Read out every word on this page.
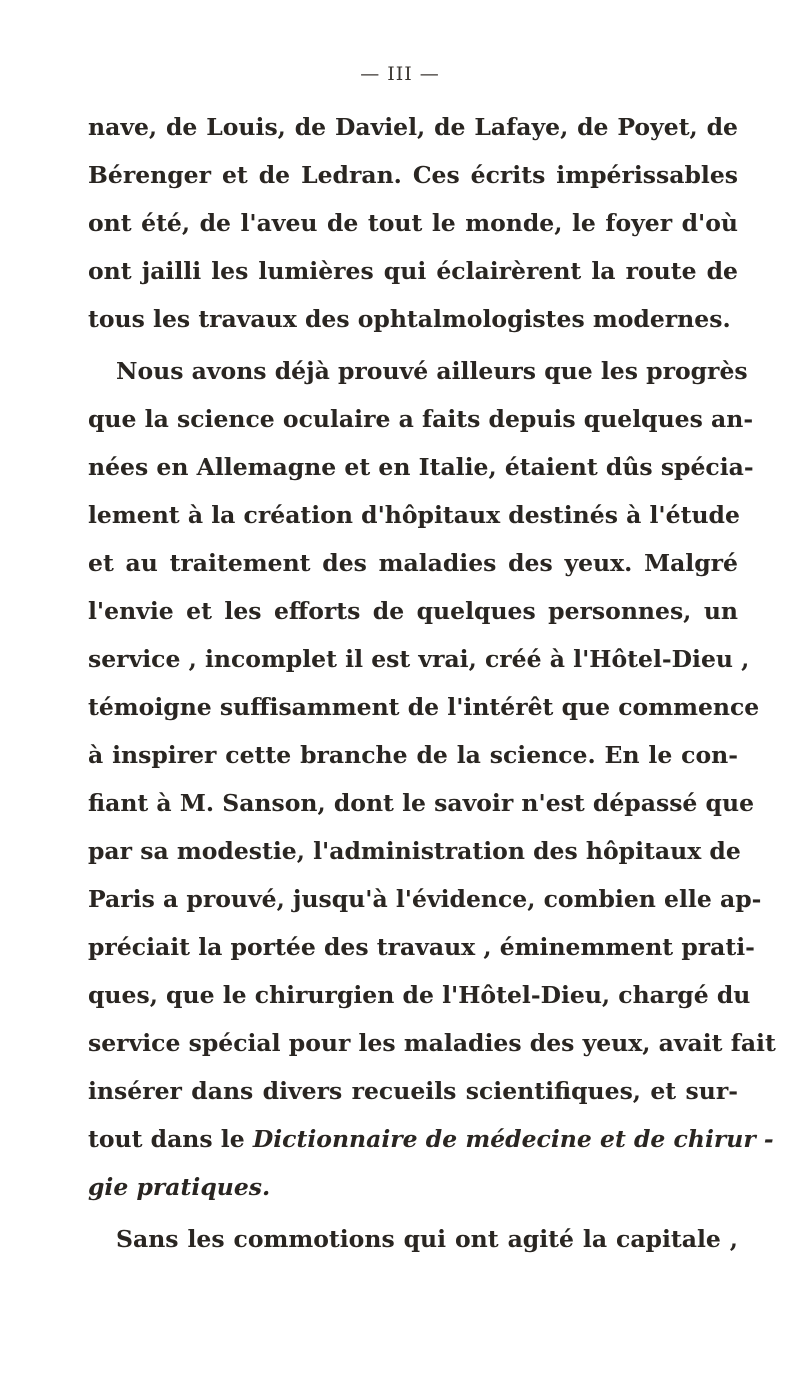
— III —
nave, de Louis, de Daviel, de Lafaye, de Poyet, de
Bérenger et de Ledran. Ces écrits impérissables
ont été, de l'aveu de tout le monde, le foyer d'où
ont jailli les lumières qui éclairèrent la route de
tous les travaux des ophtalmologistes modernes.
Nous avons déjà prouvé ailleurs que les progrès
que la science oculaire a faits depuis quelques an-
nées en Allemagne et en Italie, étaient dûs spécia-
lement à la création d'hôpitaux destinés à l'étude
et au traitement des maladies des yeux. Malgré
l'envie et les efforts de quelques personnes, un
service , incomplet il est vrai, créé à l'Hôtel-Dieu ,
témoigne suffisamment de l'intérêt que commence
à inspirer cette branche de la science. En le con-
fiant à M. Sanson, dont le savoir n'est dépassé que
par sa modestie, l'administration des hôpitaux de
Paris a prouvé, jusqu'à l'évidence, combien elle ap-
préciait la portée des travaux , éminemment prati-
ques, que le chirurgien de l'Hôtel-Dieu, chargé du
service spécial pour les maladies des yeux, avait fait
insérer dans divers recueils scientifiques, et sur-
tout dans le Dictionnaire de médecine et de chirur -
gie pratiques.
Sans les commotions qui ont agité la capitale ,
